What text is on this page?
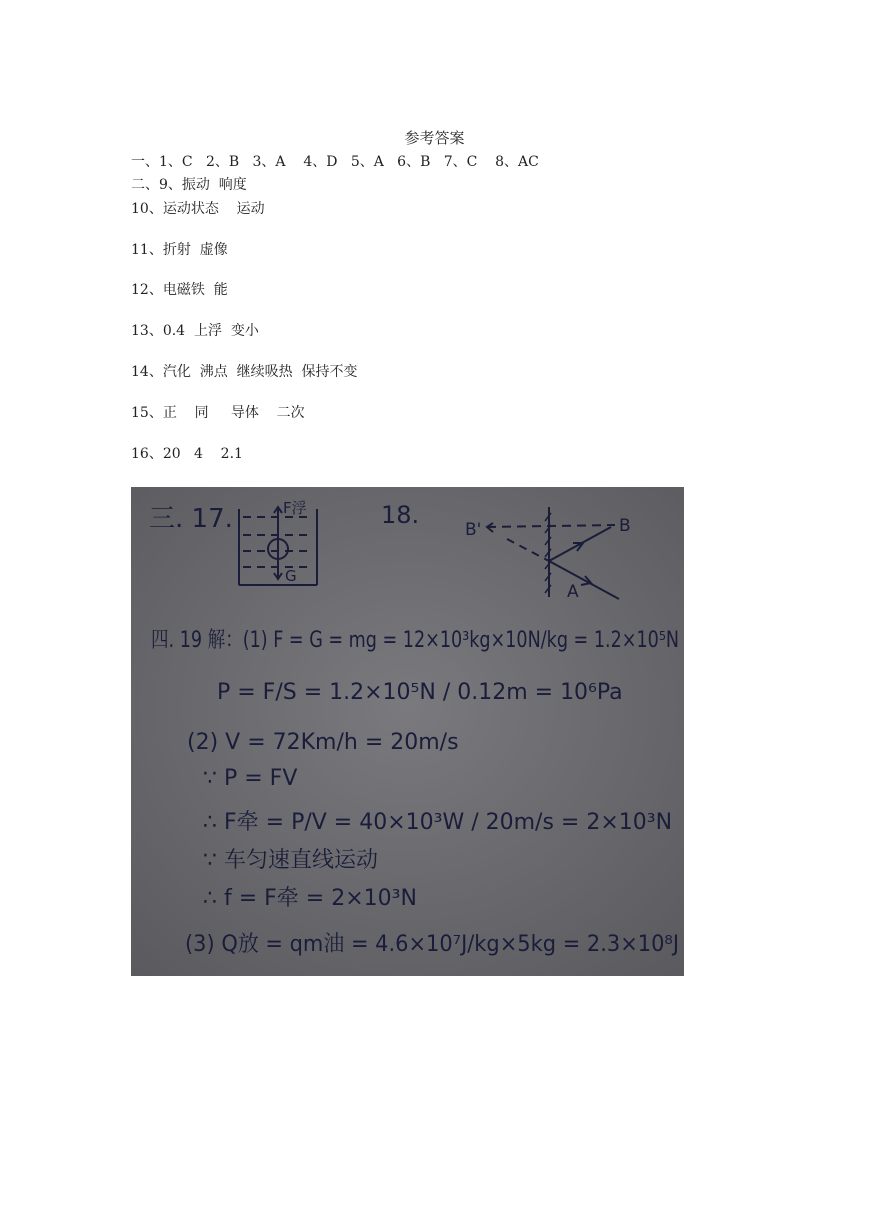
参考答案
一、1、C   2、B   3、A    4、D   5、A   6、B   7、C    8、AC
二、9、振动  响度
10、运动状态    运动
11、折射  虚像
12、电磁铁  能
13、0.4  上浮  变小
14、汽化  沸点  继续吸热  保持不变
15、正    同     导体    二次
16、20   4    2.1
三. 17.	F浮
G
18.
B'	B
A
四. 19 解：(1) F = G = mg = 12×10³kg×10N/kg = 1.2×10⁵N
P = F/S = 1.2×10⁵N / 0.12m = 10⁶Pa
(2) V = 72Km/h = 20m/s
∵ P = FV
∴ F牵 = P/V = 40×10³W / 20m/s = 2×10³N
∵ 车匀速直线运动
∴ f = F牵 = 2×10³N
(3) Q放 = qm油 = 4.6×10⁷J/kg×5kg = 2.3×10⁸J
